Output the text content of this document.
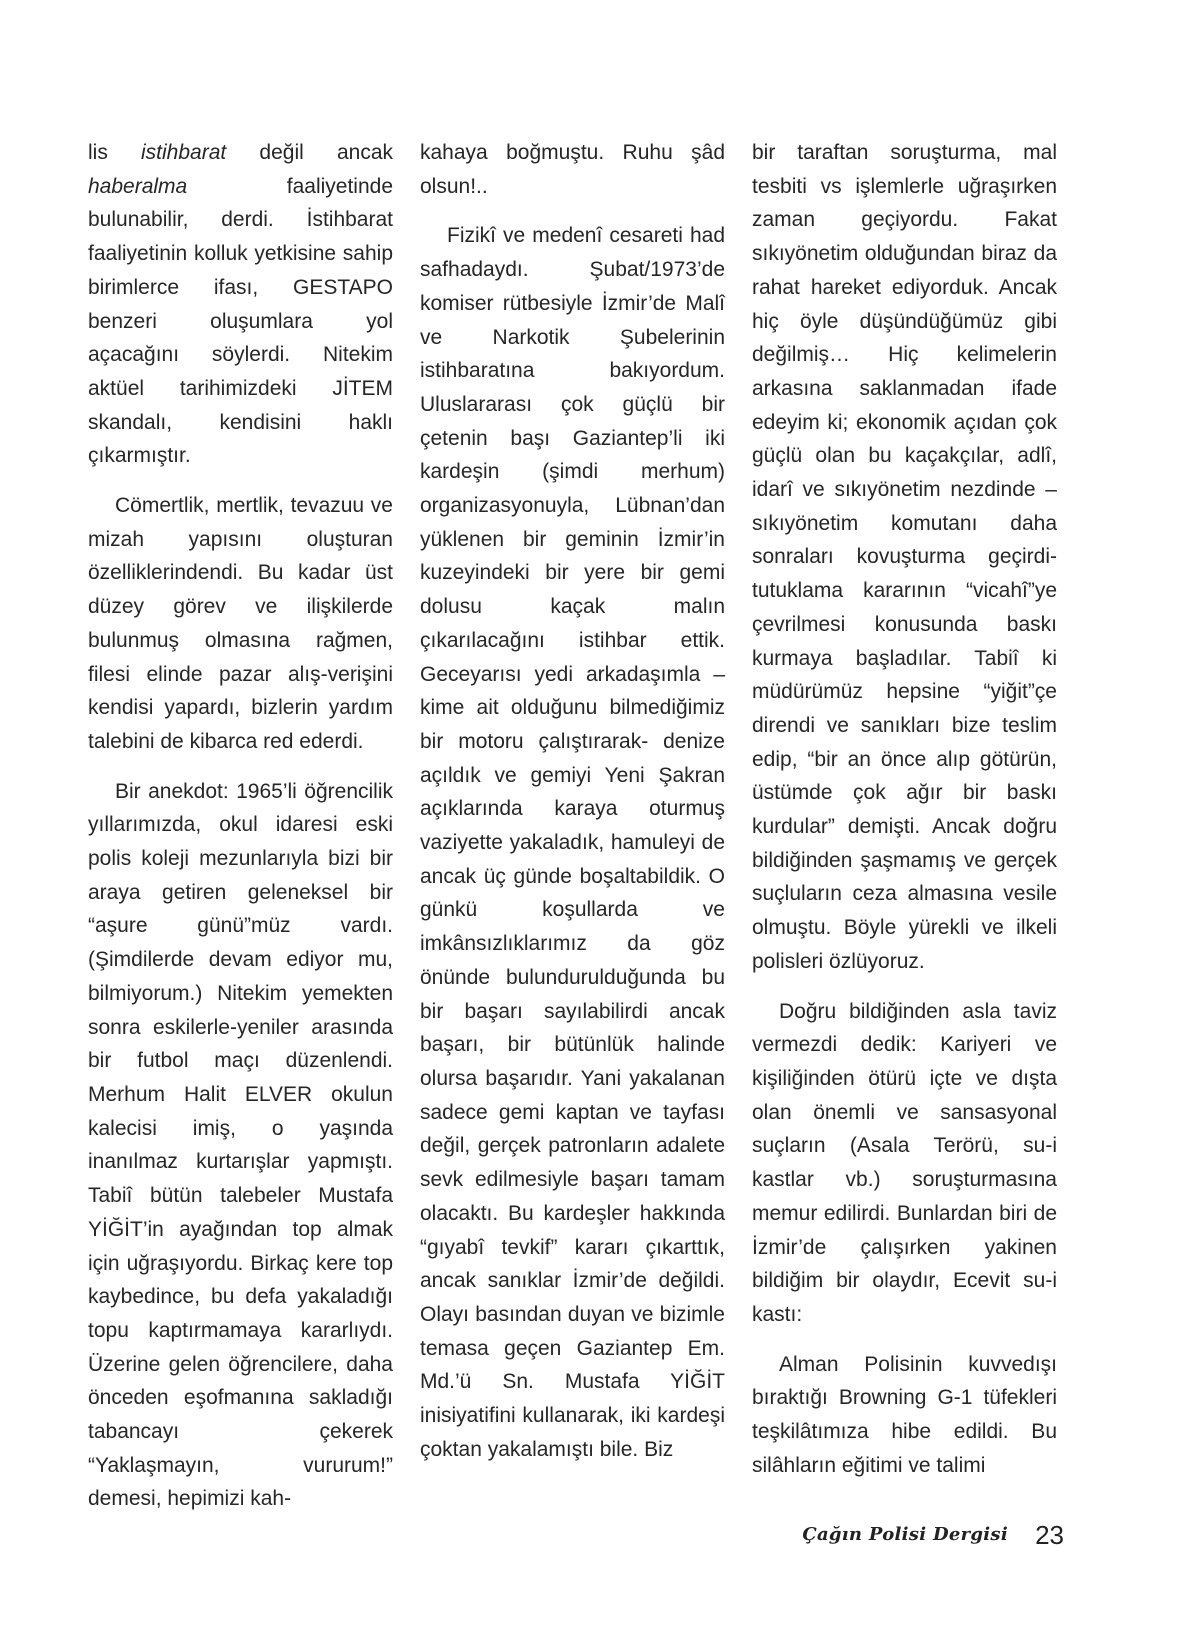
lis istihbarat değil ancak haberalma faaliyetinde bulunabilir, derdi. İstihbarat faaliyetinin kolluk yetkisine sahip birimlerce ifası, GESTAPO benzeri oluşumlara yol açacağını söylerdi. Nitekim aktüel tarihimizdeki JİTEM skandalı, kendisini haklı çıkarmıştır.

Cömertlik, mertlik, tevazuu ve mizah yapısını oluşturan özelliklerindendi. Bu kadar üst düzey görev ve ilişkilerde bulunmuş olmasına rağmen, filesi elinde pazar alış-verişini kendisi yapardı, bizlerin yardım talebini de kibarca red ederdi.

Bir anekdot: 1965’li öğrencilik yıllarımızda, okul idaresi eski polis koleji mezunlarıyla bizi bir araya getiren geleneksel bir “aşure günü”müz vardı. (Şimdilerde devam ediyor mu, bilmiyorum.) Nitekim yemekten sonra eskilerle-yeniler arasında bir futbol maçı düzenlendi. Merhum Halit ELVER okulun kalecisi imiş, o yaşında inanılmaz kurtarışlar yapmıştı. Tabiî bütün talebeler Mustafa YİĞİT’in ayağından top almak için uğraşıyordu. Birkaç kere top kaybedince, bu defa yakaladığı topu kaptırmamaya kararlıydı. Üzerine gelen öğrencilere, daha önceden eşofmanına sakladığı tabancayı çekerek “Yaklaşmayın, vururum!” demesi, hepimizi kah-

kahaya boğmuştu. Ruhu şâd olsun!..

Fizikî ve medenî cesareti had safhadaydı. Şubat/1973’de komiser rütbesiyle İzmir’de Malî ve Narkotik Şubelerinin istihbaratına bakıyordum. Uluslararası çok güçlü bir çetenin başı Gaziantep’li iki kardeşin (şimdi merhum) organizasyonuyla, Lübnan’dan yüklenen bir geminin İzmir’in kuzeyindeki bir yere bir gemi dolusu kaçak malın çıkarılacağını istihbar ettik. Geceyarısı yedi arkadaşımla –kime ait olduğunu bilmediğimiz bir motoru çalıştırarak- denize açıldık ve gemiyi Yeni Şakran açıklarında karaya oturmuş vaziyette yakaladık, hamuleyi de ancak üç günde boşaltabildik. O günkü koşullarda ve imkânsızlıklarımız da göz önünde bulundurulduğunda bu bir başarı sayılabilirdi ancak başarı, bir bütünlük halinde olursa başarıdır. Yani yakalanan sadece gemi kaptan ve tayfası değil, gerçek patronların adalete sevk edilmesiyle başarı tamam olacaktı. Bu kardeşler hakkında “gıyabî tevkif” kararı çıkarttık, ancak sanıklar İzmir’de değildi. Olayı basından duyan ve bizimle temasa geçen Gaziantep Em. Md.’ü Sn. Mustafa YİĞİT inisiyatifini kullanarak, iki kardeşi çoktan yakalamıştı bile. Biz

bir taraftan soruşturma, mal tesbiti vs işlemlerle uğraşırken zaman geçiyordu. Fakat sıkıyönetim olduğundan biraz da rahat hareket ediyorduk. Ancak hiç öyle düşündüğümüz gibi değilmiş… Hiç kelimelerin arkasına saklanmadan ifade edeyim ki; ekonomik açıdan çok güçlü olan bu kaçakçılar, adlî, idarî ve sıkıyönetim nezdinde –sıkıyönetim komutanı daha sonraları kovuşturma geçirdi- tutuklama kararının “vicahî”ye çevrilmesi konusunda baskı kurmaya başladılar. Tabiî ki müdürümüz hepsine “yiğit”çe direndi ve sanıkları bize teslim edip, “bir an önce alıp götürün, üstümde çok ağır bir baskı kurdular” demişti. Ancak doğru bildiğinden şaşmamış ve gerçek suçluların ceza almasına vesile olmuştu. Böyle yürekli ve ilkeli polisleri özlüyoruz.

Doğru bildiğinden asla taviz vermezdi dedik: Kariyeri ve kişiliğinden ötürü içte ve dışta olan önemli ve sansasyonal suçların (Asala Terörü, su-i kastlar vb.) soruşturmasına memur edilirdi. Bunlardan biri de İzmir’de çalışırken yakinen bildiğim bir olaydır, Ecevit su-i kastı:

Alman Polisinin kuvvedışı bıraktığı Browning G-1 tüfekleri teşkilâtımıza hibe edildi. Bu silâhların eğitimi ve talimi

Çağın Polisi Dergisi 23
